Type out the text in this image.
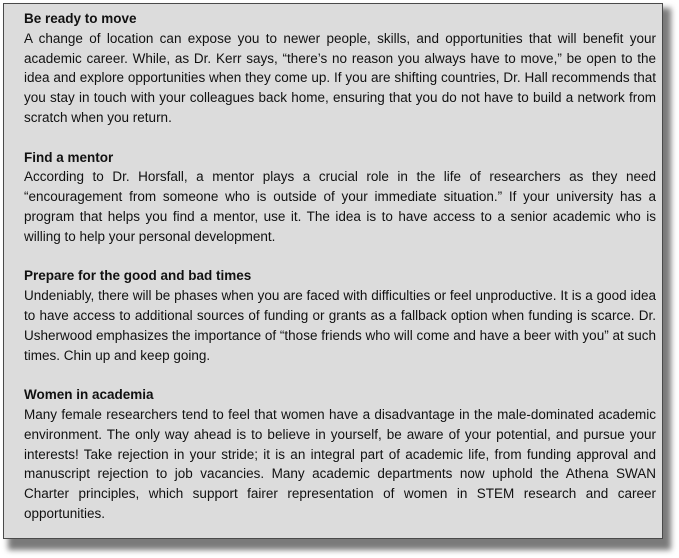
Be ready to move
A change of location can expose you to newer people, skills, and opportunities that will benefit your academic career. While, as Dr. Kerr says, “there’s no reason you always have to move,” be open to the idea and explore opportunities when they come up. If you are shifting countries, Dr. Hall recommends that you stay in touch with your colleagues back home, ensuring that you do not have to build a network from scratch when you return.
Find a mentor
According to Dr. Horsfall, a mentor plays a crucial role in the life of researchers as they need “encouragement from someone who is outside of your immediate situation.” If your university has a program that helps you find a mentor, use it. The idea is to have access to a senior academic who is willing to help your personal development.
Prepare for the good and bad times
Undeniably, there will be phases when you are faced with difficulties or feel unproductive. It is a good idea to have access to additional sources of funding or grants as a fallback option when funding is scarce. Dr. Usherwood emphasizes the importance of “those friends who will come and have a beer with you” at such times. Chin up and keep going.
Women in academia
Many female researchers tend to feel that women have a disadvantage in the male-dominated academic environment. The only way ahead is to believe in yourself, be aware of your potential, and pursue your interests! Take rejection in your stride; it is an integral part of academic life, from funding approval and manuscript rejection to job vacancies. Many academic departments now uphold the Athena SWAN Charter principles, which support fairer representation of women in STEM research and career opportunities.
